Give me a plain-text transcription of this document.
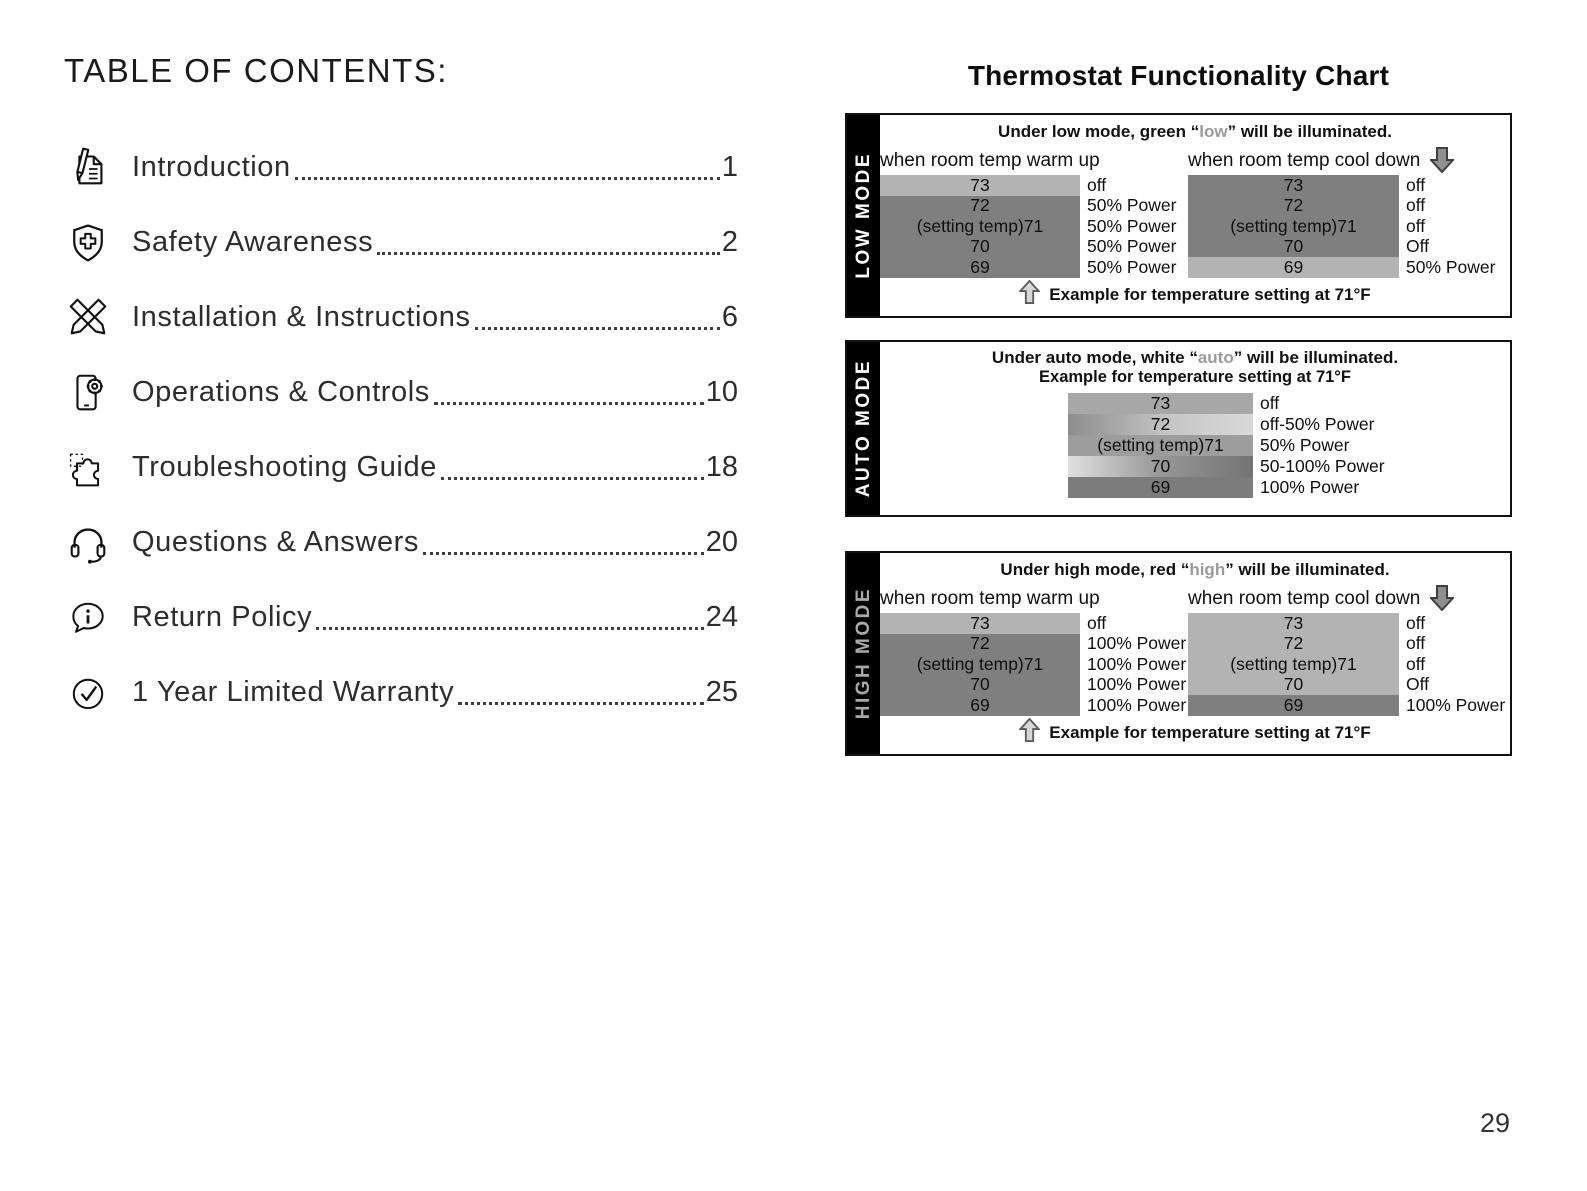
TABLE OF CONTENTS:
Introduction	1
Safety Awareness	2
Installation & Instructions	6
Operations & Controls	10
Troubleshooting Guide	18
Questions & Answers	20
Return Policy	24
1 Year Limited Warranty	25
Thermostat Functionality Chart
LOW MODE
Under low mode, green “low” will be illuminated.
when room temp warm up
73	off
72	50% Power
(setting temp)71	50% Power
70	50% Power
69	50% Power
when room temp cool down
73	off
72	off
(setting temp)71	off
70	Off
69	50% Power
Example for temperature setting at 71°F
AUTO MODE
Under auto mode, white “auto” will be illuminated.
Example for temperature setting at 71°F
73	off
72	off-50% Power
(setting temp)71	50% Power
70	50-100% Power
69	100% Power
HIGH MODE
Under high mode, red “high” will be illuminated.
when room temp warm up
73	off
72	100% Power
(setting temp)71	100% Power
70	100% Power
69	100% Power
when room temp cool down
73	off
72	off
(setting temp)71	off
70	Off
69	100% Power
Example for temperature setting at 71°F
29
